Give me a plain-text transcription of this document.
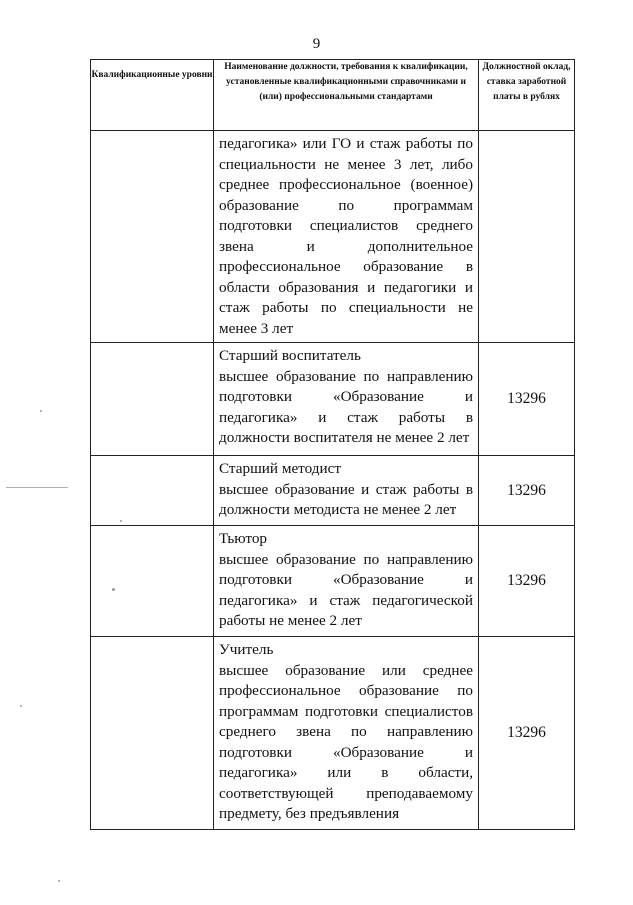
9
Квалификационные уровни	Наименование должности, требования к квалификации, установленные квалификационными справочниками и (или) профессиональными стандартами	Должностной оклад, ставка заработной платы в рублях

	педагогика» или ГО и стаж работы по специальности не менее 3 лет, либо среднее профессиональное (военное) образование по программам подготовки специалистов среднего звена и дополнительное профессиональное образование в области образования и педагогики и стаж работы по специальности не менее 3 лет	

	Старший воспитатель
высшее образование по направлению подготовки «Образование и педагогика» и стаж работы в должности воспитателя не менее 2 лет	13296

	Старший методист
высшее образование и стаж работы в должности методиста не менее 2 лет	13296

	Тьютор
высшее образование по направлению подготовки «Образование и педагогика» и стаж педагогической работы не менее 2 лет	13296

	Учитель
высшее образование или среднее профессиональное образование по программам подготовки специалистов среднего звена по направлению подготовки «Образование и педагогика» или в области, соответствующей преподаваемому предмету, без предъявления	13296
